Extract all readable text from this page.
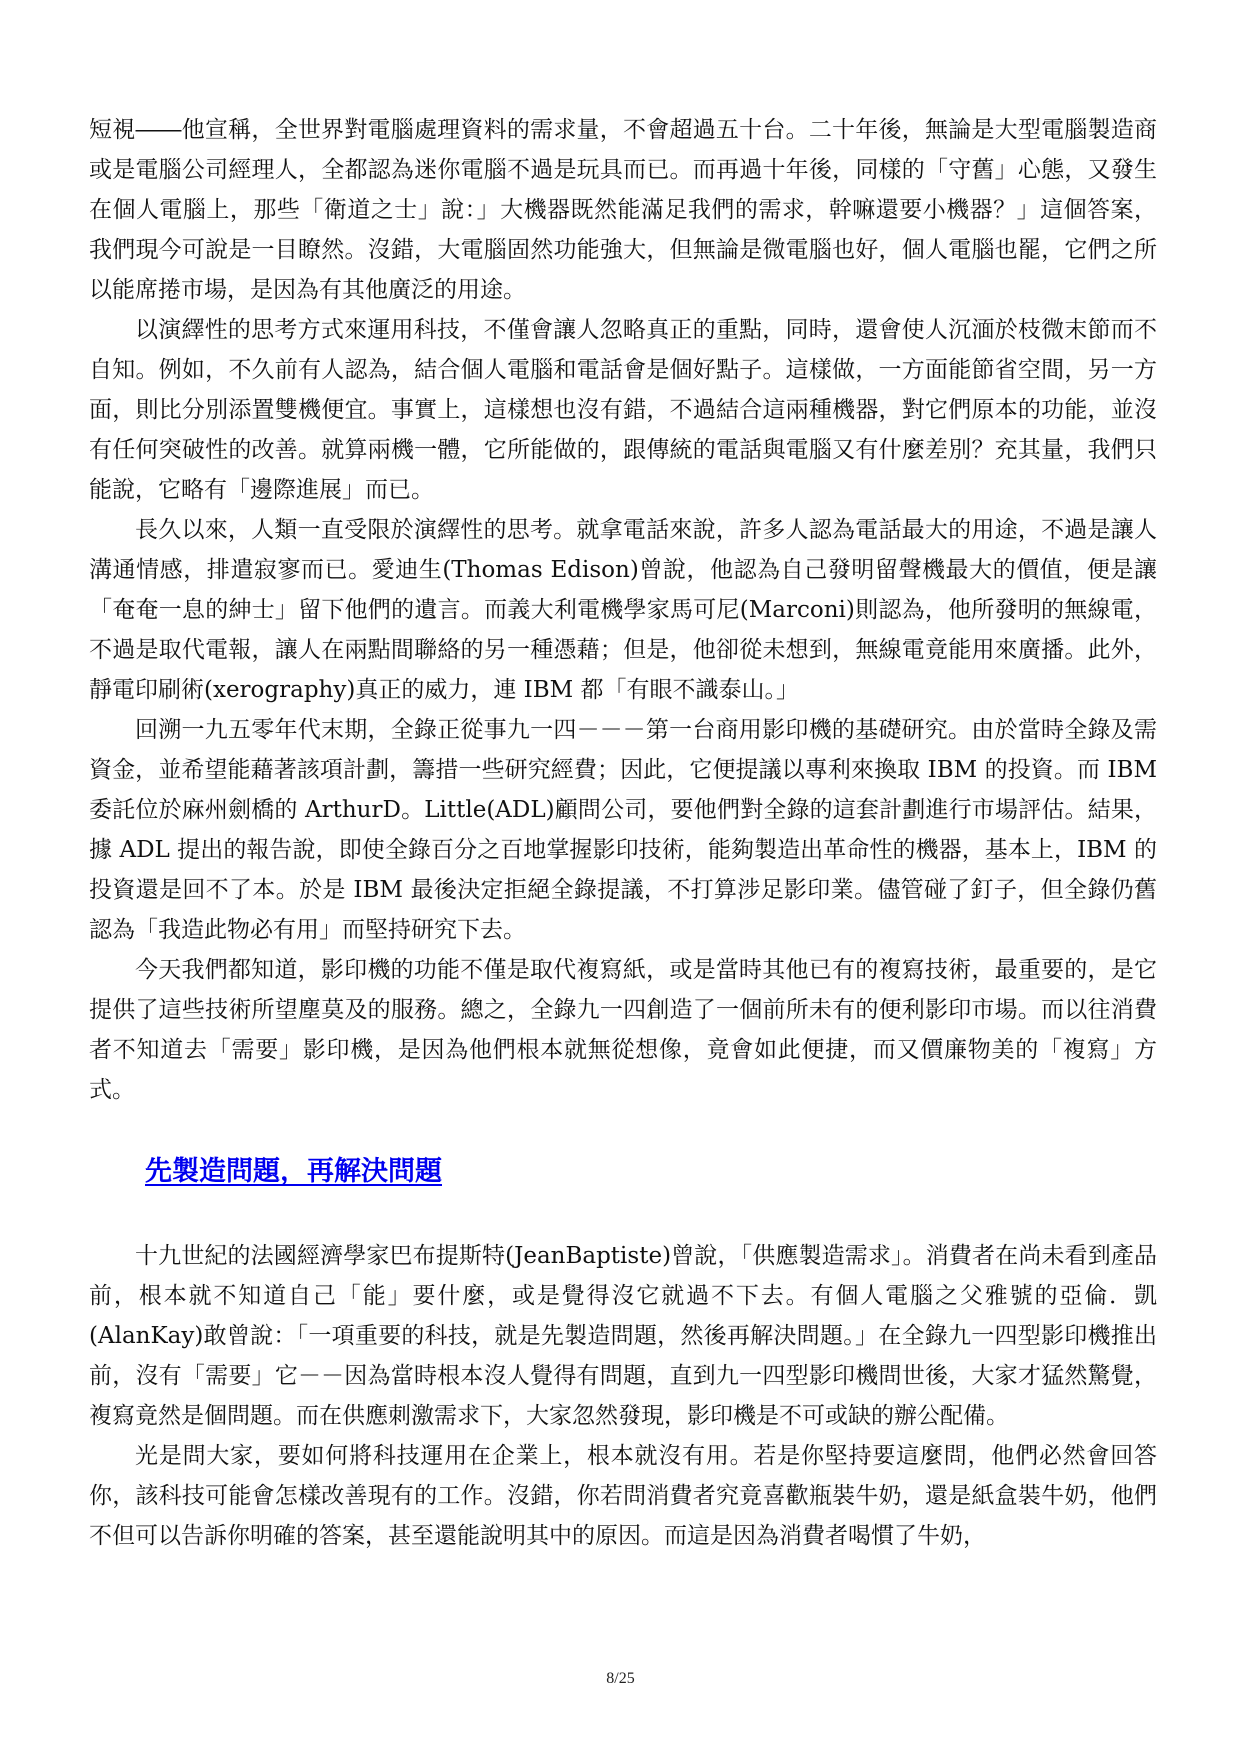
短視――他宣稱，全世界對電腦處理資料的需求量，不會超過五十台。二十年後，無論是大型電腦製造商或是電腦公司經理人，全都認為迷你電腦不過是玩具而已。而再過十年後，同樣的「守舊」心態，又發生在個人電腦上，那些「衛道之士」說：」大機器既然能滿足我們的需求，幹嘛還要小機器？」這個答案，我們現今可說是一目瞭然。沒錯，大電腦固然功能強大，但無論是微電腦也好，個人電腦也罷，它們之所以能席捲市場，是因為有其他廣泛的用途。

以演繹性的思考方式來運用科技，不僅會讓人忽略真正的重點，同時，還會使人沉湎於枝微末節而不自知。例如，不久前有人認為，結合個人電腦和電話會是個好點子。這樣做，一方面能節省空間，另一方面，則比分別添置雙機便宜。事實上，這樣想也沒有錯，不過結合這兩種機器，對它們原本的功能，並沒有任何突破性的改善。就算兩機一體，它所能做的，跟傳統的電話與電腦又有什麼差別？充其量，我們只能說，它略有「邊際進展」而已。

長久以來，人類一直受限於演繹性的思考。就拿電話來說，許多人認為電話最大的用途，不過是讓人溝通情感，排遣寂寥而已。愛迪生(Thomas Edison)曾說，他認為自己發明留聲機最大的價值，便是讓「奄奄一息的紳士」留下他們的遺言。而義大利電機學家馬可尼(Marconi)則認為，他所發明的無線電，不過是取代電報，讓人在兩點間聯絡的另一種憑藉；但是，他卻從未想到，無線電竟能用來廣播。此外，靜電印刷術(xerography)真正的威力，連 IBM 都「有眼不識泰山。」

回溯一九五零年代末期，全錄正從事九一四－－－第一台商用影印機的基礎研究。由於當時全錄及需資金，並希望能藉著該項計劃，籌措一些研究經費；因此，它便提議以專利來換取 IBM 的投資。而 IBM 委託位於麻州劍橋的 ArthurD。Little(ADL)顧問公司，要他們對全錄的這套計劃進行市場評估。結果，據 ADL 提出的報告說，即使全錄百分之百地掌握影印技術，能夠製造出革命性的機器，基本上，IBM 的投資還是回不了本。於是 IBM 最後決定拒絕全錄提議，不打算涉足影印業。儘管碰了釘子，但全錄仍舊認為「我造此物必有用」而堅持研究下去。

今天我們都知道，影印機的功能不僅是取代複寫紙，或是當時其他已有的複寫技術，最重要的，是它提供了這些技術所望塵莫及的服務。總之，全錄九一四創造了一個前所未有的便利影印市場。而以往消費者不知道去「需要」影印機，是因為他們根本就無從想像，竟會如此便捷，而又價廉物美的「複寫」方式。

先製造問題，再解決問題

十九世紀的法國經濟學家巴布提斯特(JeanBaptiste)曾說，「供應製造需求」。消費者在尚未看到產品前，根本就不知道自己「能」要什麼，或是覺得沒它就過不下去。有個人電腦之父雅號的亞倫．凱(AlanKay)敢曾說：「一項重要的科技，就是先製造問題，然後再解決問題。」在全錄九一四型影印機推出前，沒有「需要」它－－因為當時根本沒人覺得有問題，直到九一四型影印機問世後，大家才猛然驚覺，複寫竟然是個問題。而在供應刺激需求下，大家忽然發現，影印機是不可或缺的辦公配備。

光是問大家，要如何將科技運用在企業上，根本就沒有用。若是你堅持要這麼問，他們必然會回答你，該科技可能會怎樣改善現有的工作。沒錯，你若問消費者究竟喜歡瓶裝牛奶，還是紙盒裝牛奶，他們不但可以告訴你明確的答案，甚至還能說明其中的原因。而這是因為消費者喝慣了牛奶，

8/25
